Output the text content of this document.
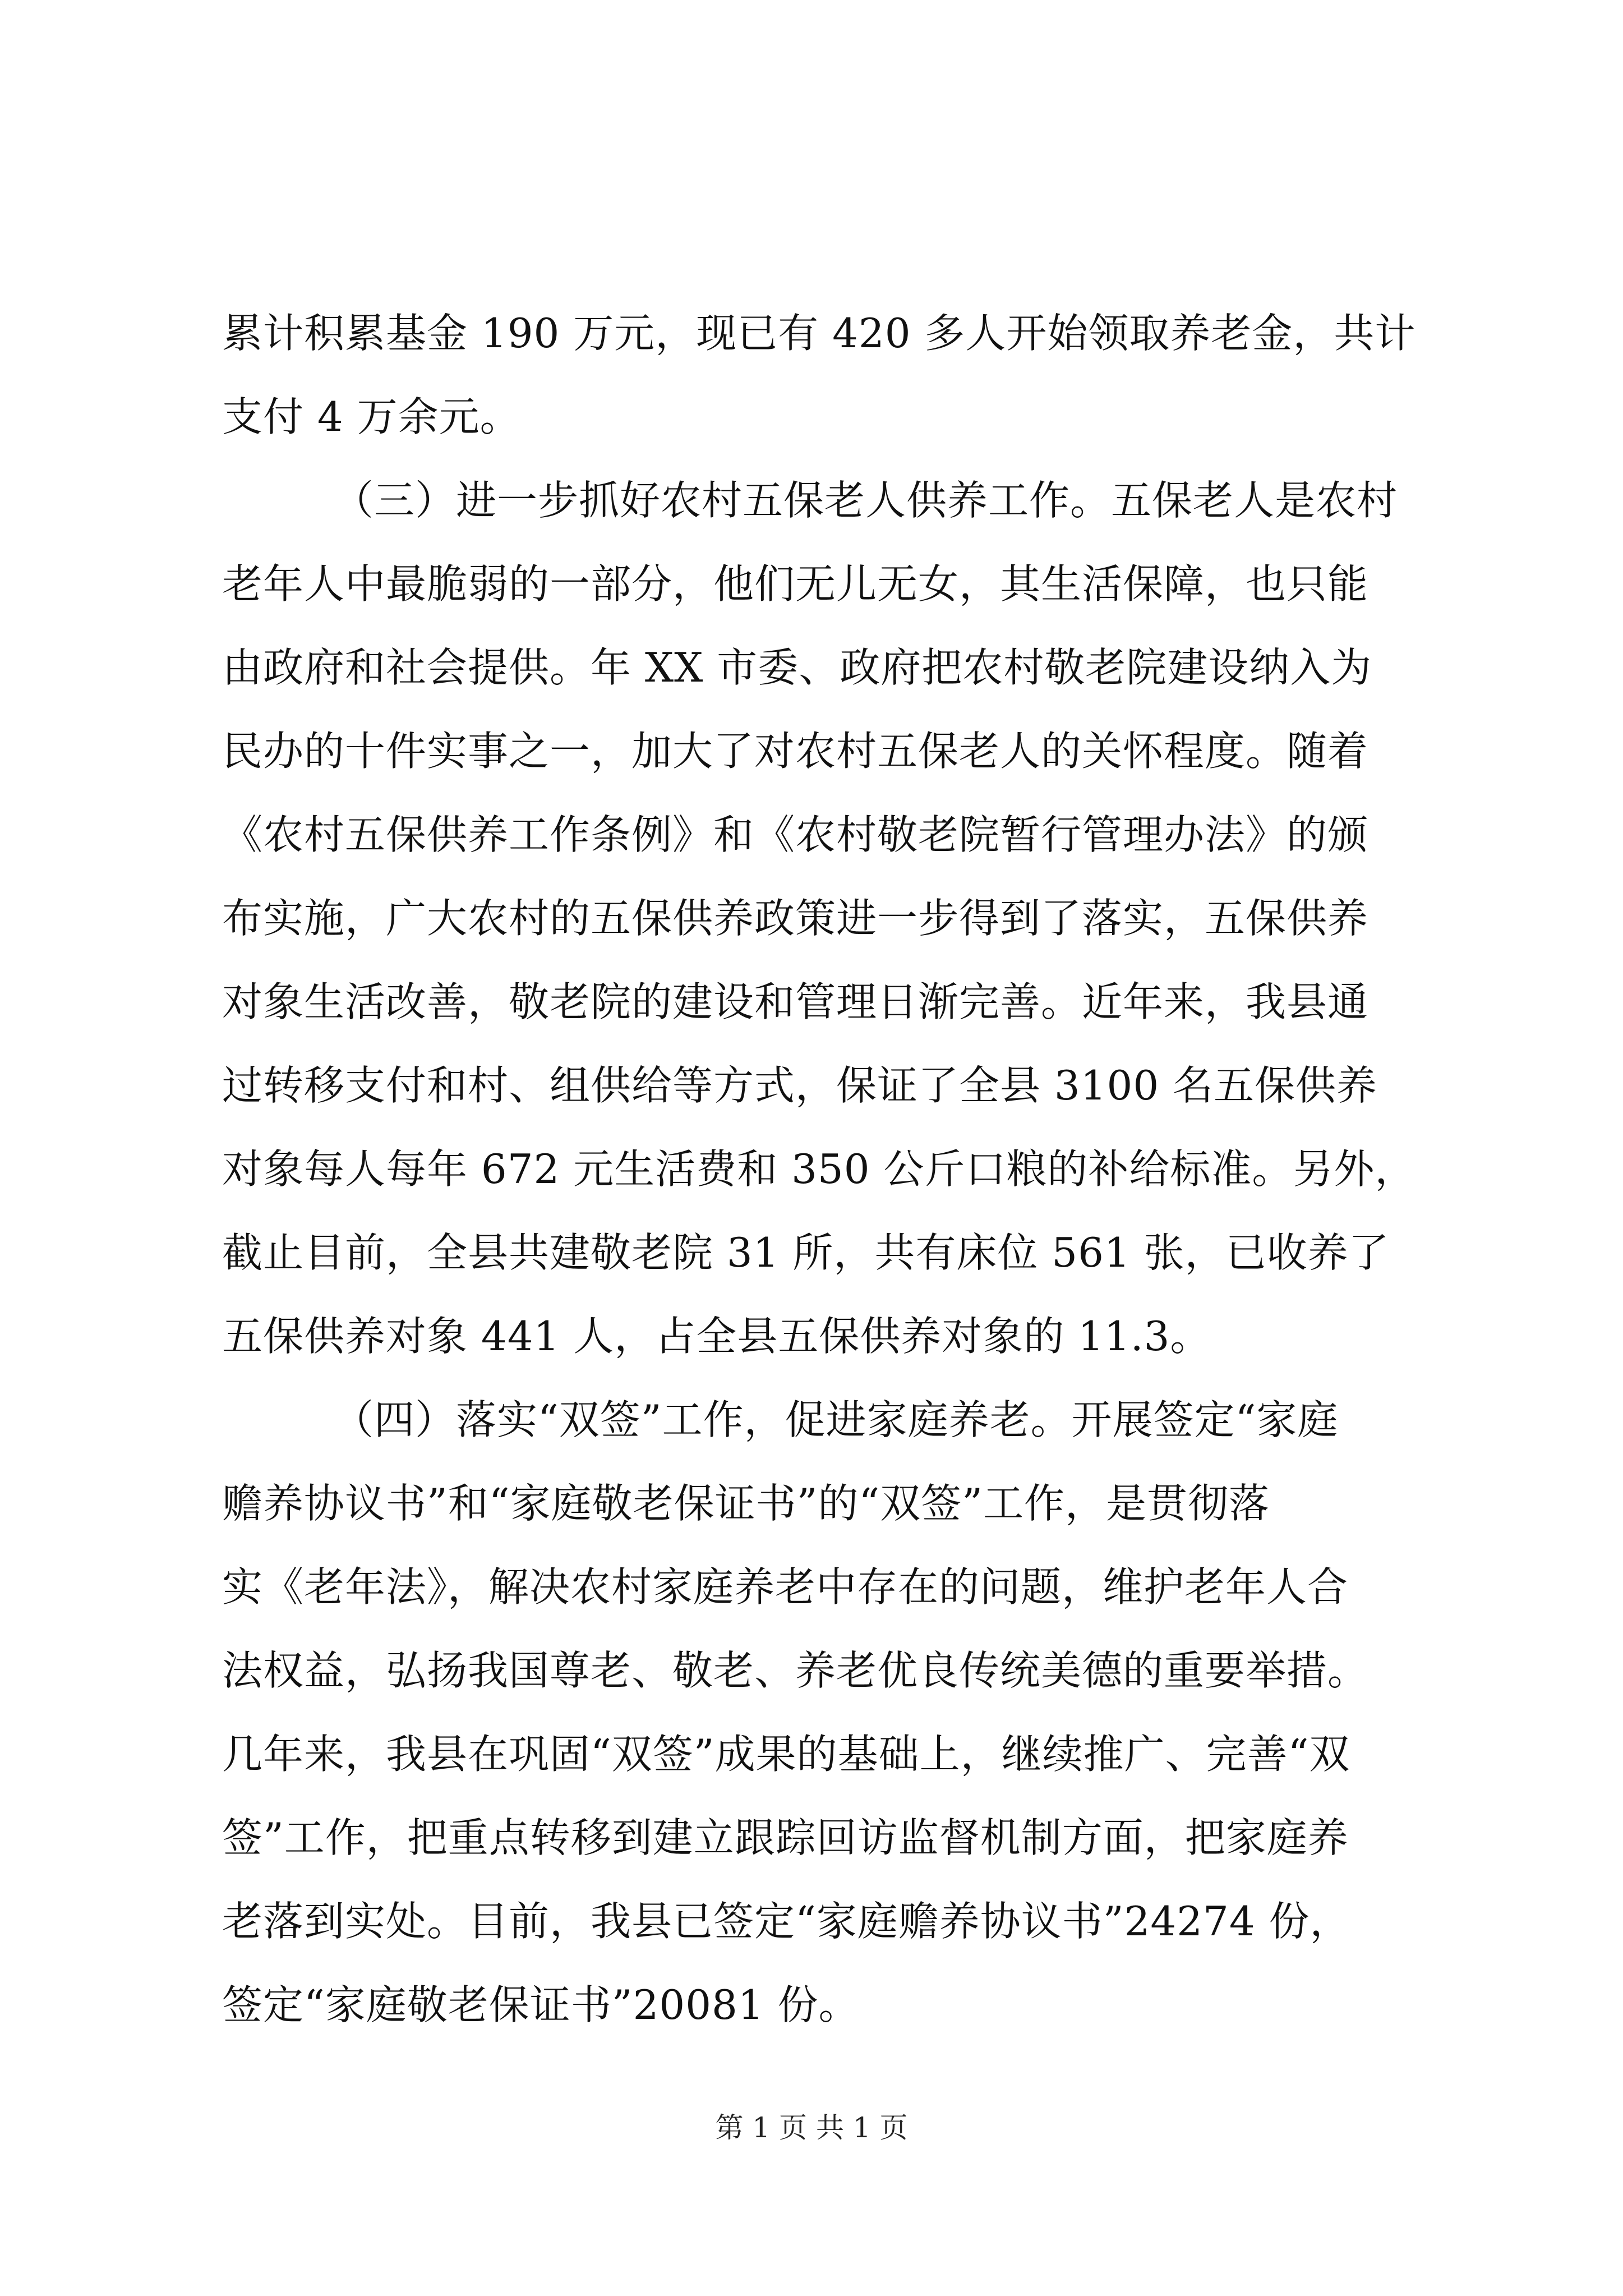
累计积累基金 190 万元，现已有 420 多人开始领取养老金，共计
支付 4 万余元。
（三）进一步抓好农村五保老人供养工作。五保老人是农村
老年人中最脆弱的一部分，他们无儿无女，其生活保障，也只能
由政府和社会提供。年 XX 市委、政府把农村敬老院建设纳入为
民办的十件实事之一，加大了对农村五保老人的关怀程度。随着
《农村五保供养工作条例》和《农村敬老院暂行管理办法》的颁
布实施，广大农村的五保供养政策进一步得到了落实，五保供养
对象生活改善，敬老院的建设和管理日渐完善。近年来，我县通
过转移支付和村、组供给等方式，保证了全县 3100 名五保供养
对象每人每年 672 元生活费和 350 公斤口粮的补给标准。另外，
截止目前，全县共建敬老院 31 所，共有床位 561 张，已收养了
五保供养对象 441 人，占全县五保供养对象的 11.3。
（四）落实“双签”工作，促进家庭养老。开展签定“家庭
赡养协议书”和“家庭敬老保证书”的“双签”工作，是贯彻落
实《老年法》，解决农村家庭养老中存在的问题，维护老年人合
法权益，弘扬我国尊老、敬老、养老优良传统美德的重要举措。
几年来，我县在巩固“双签”成果的基础上，继续推广、完善“双
签”工作，把重点转移到建立跟踪回访监督机制方面，把家庭养
老落到实处。目前，我县已签定“家庭赡养协议书”24274 份，
签定“家庭敬老保证书”20081 份。
第 1 页 共 1 页
